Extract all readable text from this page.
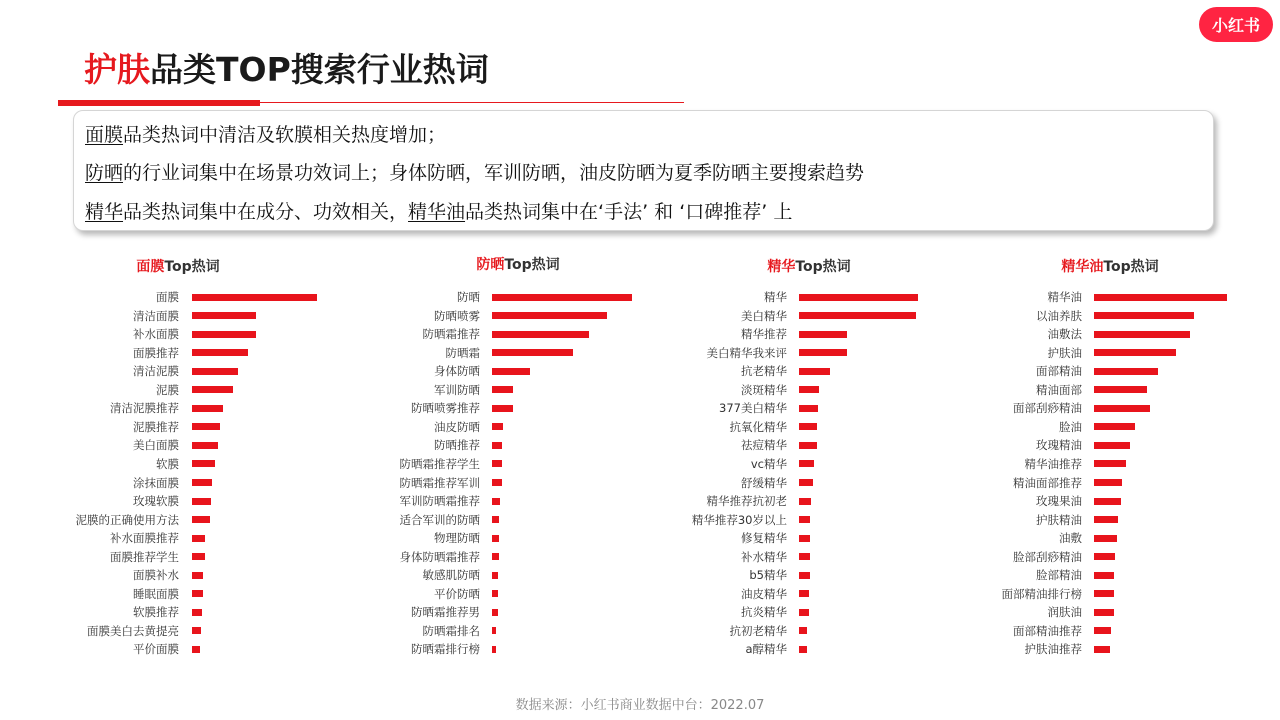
小红书
护肤品类TOP搜索行业热词
面膜品类热词中清洁及软膜相关热度增加；
防晒的行业词集中在场景功效词上；身体防晒，军训防晒，油皮防晒为夏季防晒主要搜索趋势
精华品类热词集中在成分、功效相关，精华油品类热词集中在‘手法’ 和 ‘口碑推荐’ 上
面膜Top热词
面膜
清洁面膜
补水面膜
面膜推荐
清洁泥膜
泥膜
清洁泥膜推荐
泥膜推荐
美白面膜
软膜
涂抹面膜
玫瑰软膜
泥膜的正确使用方法
补水面膜推荐
面膜推荐学生
面膜补水
睡眠面膜
软膜推荐
面膜美白去黄提亮
平价面膜
防晒Top热词
防晒
防晒喷雾
防晒霜推荐
防晒霜
身体防晒
军训防晒
防晒喷雾推荐
油皮防晒
防晒推荐
防晒霜推荐学生
防晒霜推荐军训
军训防晒霜推荐
适合军训的防晒
物理防晒
身体防晒霜推荐
敏感肌防晒
平价防晒
防晒霜推荐男
防晒霜排名
防晒霜排行榜
精华Top热词
精华
美白精华
精华推荐
美白精华我来评
抗老精华
淡斑精华
377美白精华
抗氧化精华
祛痘精华
vc精华
舒缓精华
精华推荐抗初老
精华推荐30岁以上
修复精华
补水精华
b5精华
油皮精华
抗炎精华
抗初老精华
a醇精华
精华油Top热词
精华油
以油养肤
油敷法
护肤油
面部精油
精油面部
面部刮痧精油
脸油
玫瑰精油
精华油推荐
精油面部推荐
玫瑰果油
护肤精油
油敷
脸部刮痧精油
脸部精油
面部精油排行榜
润肤油
面部精油推荐
护肤油推荐
数据来源：小红书商业数据中台：2022.07
